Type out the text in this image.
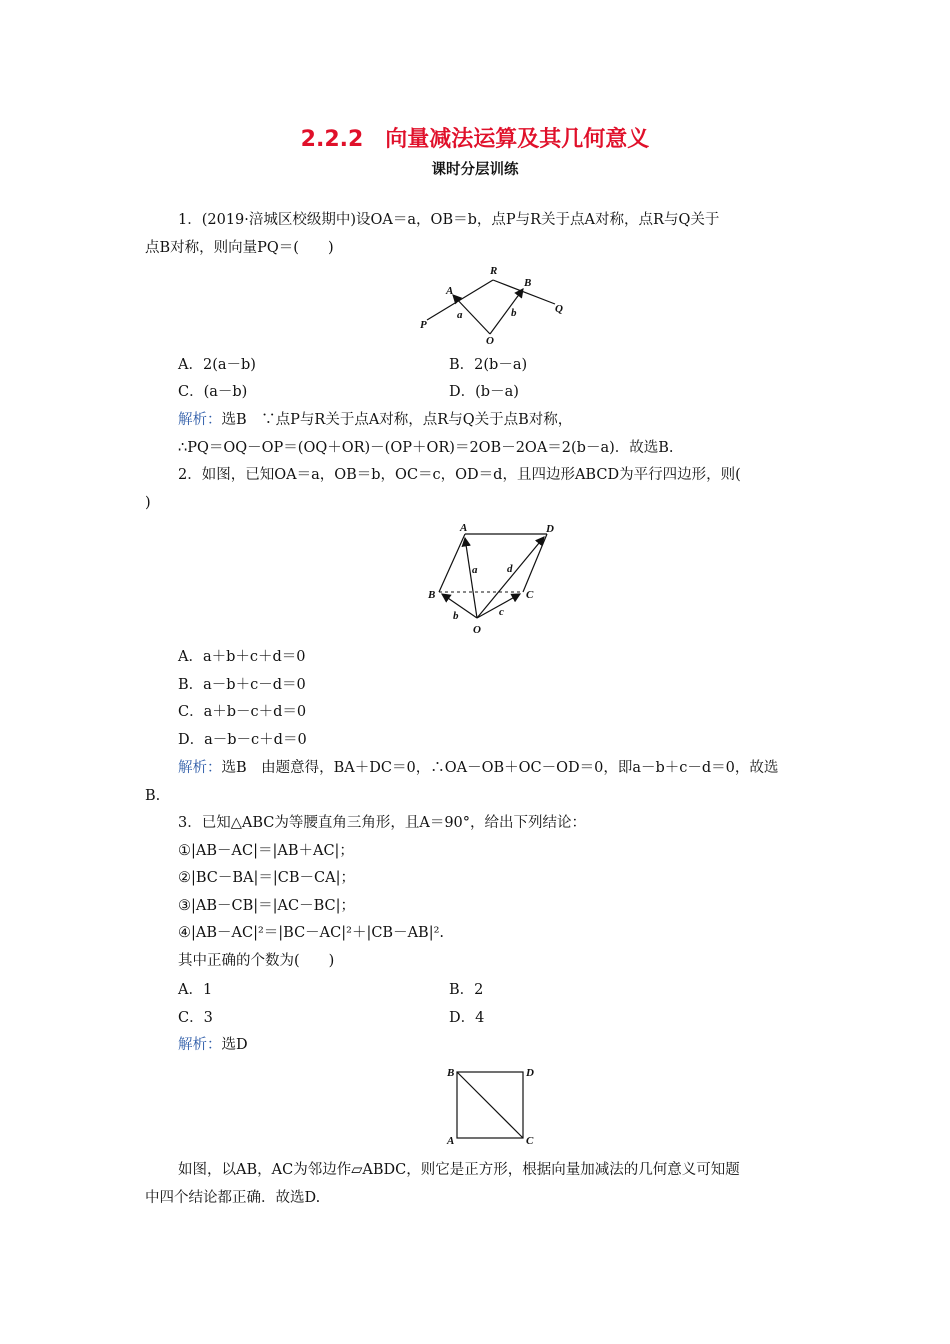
2.2.2　向量减法运算及其几何意义
课时分层训练
1．(2019·涪城区校级期中)设OA＝a，OB＝b，点P与R关于点A对称，点R与Q关于
点B对称，则向量PQ＝(　　)
P
A
R
B
Q
O
a	b
A．2(a－b)	B．2(b－a)
C．(a－b)	D．(b－a)
解析：选B　∵点P与R关于点A对称，点R与Q关于点B对称，
∴PQ＝OQ－OP＝(OQ＋OR)－(OP＋OR)＝2OB－2OA＝2(b－a)．故选B.
2．如图，已知OA＝a，OB＝b，OC＝c，OD＝d，且四边形ABCD为平行四边形，则(
)
A	D
B	C
O
a	d
b	c
A．a＋b＋c＋d＝0
B．a－b＋c－d＝0
C．a＋b－c＋d＝0
D．a－b－c＋d＝0
解析：选B　由题意得，BA＋DC＝0，∴OA－OB＋OC－OD＝0，即a－b＋c－d＝0，故选
B.
3．已知△ABC为等腰直角三角形，且A＝90°，给出下列结论：
①|AB－AC|＝|AB＋AC|；
②|BC－BA|＝|CB－CA|；
③|AB－CB|＝|AC－BC|；
④|AB－AC|²＝|BC－AC|²＋|CB－AB|².
其中正确的个数为(　　)
A．1	B．2
C．3	D．4
解析：选D
B	D
A	C
如图，以AB，AC为邻边作▱ABDC，则它是正方形，根据向量加减法的几何意义可知题
中四个结论都正确．故选D.
